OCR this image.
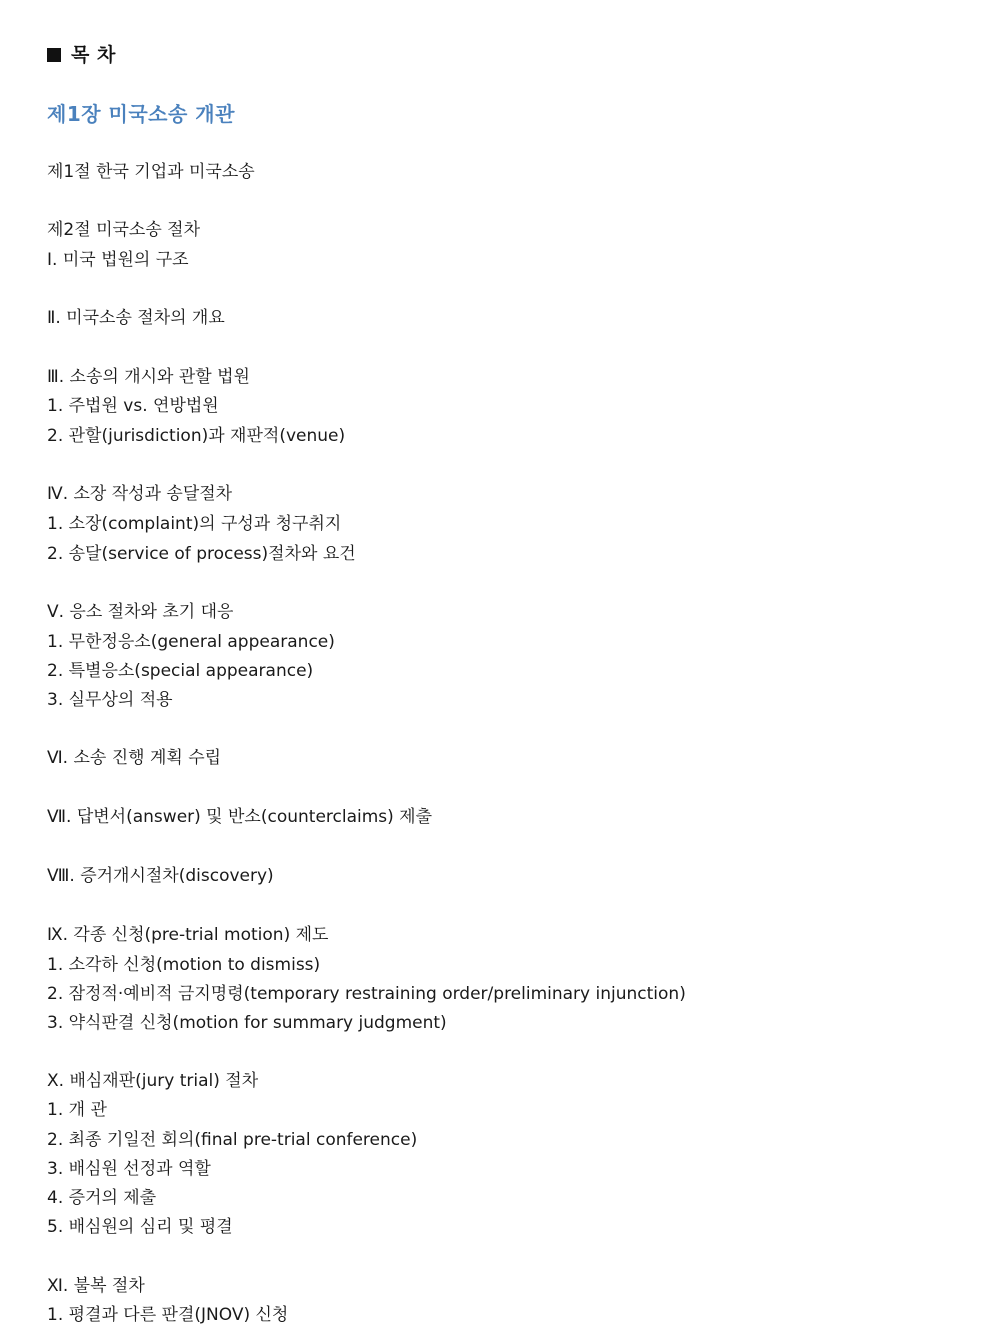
목 차
제1장 미국소송 개관
제1절 한국 기업과 미국소송
제2절 미국소송 절차
Ⅰ. 미국 법원의 구조
Ⅱ. 미국소송 절차의 개요
Ⅲ. 소송의 개시와 관할 법원
1. 주법원 vs. 연방법원
2. 관할(jurisdiction)과 재판적(venue)
Ⅳ. 소장 작성과 송달절차
1. 소장(complaint)의 구성과 청구취지
2. 송달(service of process)절차와 요건
Ⅴ. 응소 절차와 초기 대응
1. 무한정응소(general appearance)
2. 특별응소(special appearance)
3. 실무상의 적용
Ⅵ. 소송 진행 계획 수립
Ⅶ. 답변서(answer) 및 반소(counterclaims) 제출
Ⅷ. 증거개시절차(discovery)
Ⅸ. 각종 신청(pre-trial motion) 제도
1. 소각하 신청(motion to dismiss)
2. 잠정적·예비적 금지명령(temporary restraining order/preliminary injunction)
3. 약식판결 신청(motion for summary judgment)
Ⅹ. 배심재판(jury trial) 절차
1. 개 관
2. 최종 기일전 회의(final pre-trial conference)
3. 배심원 선정과 역할
4. 증거의 제출
5. 배심원의 심리 및 평결
Ⅺ. 불복 절차
1. 평결과 다른 판결(JNOV) 신청
